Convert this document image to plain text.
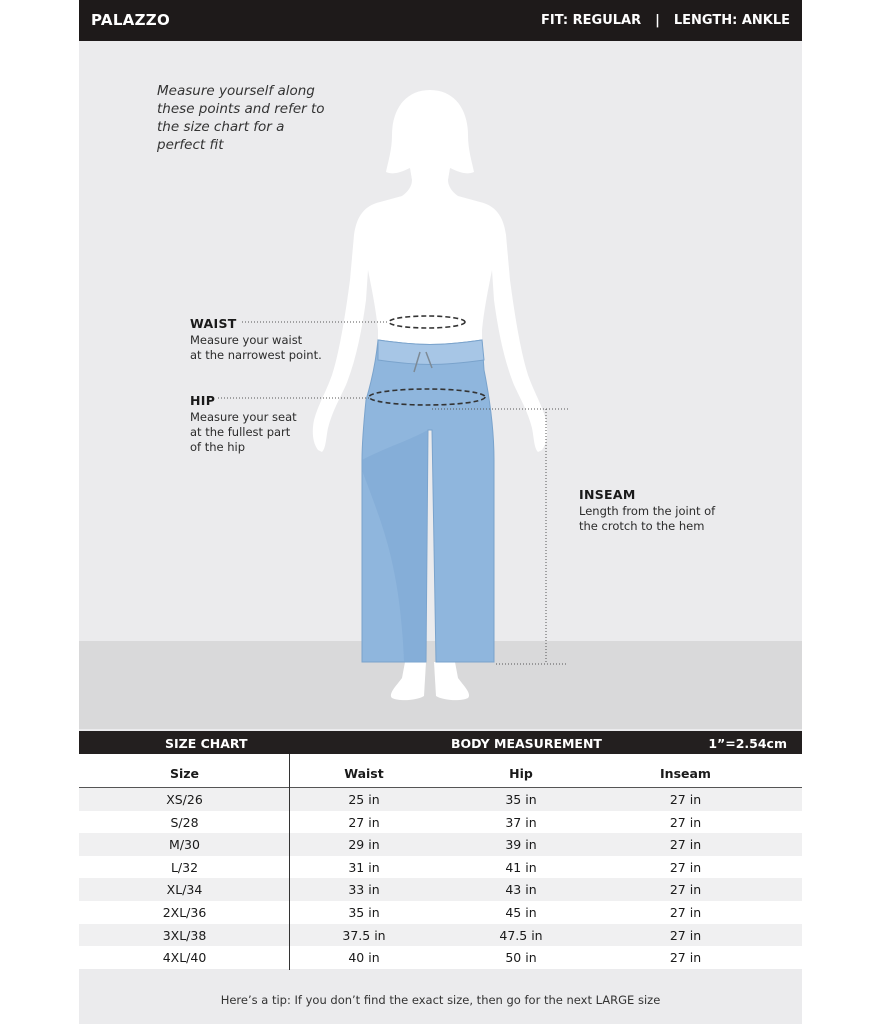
PALAZZO	FIT: REGULAR | LENGTH: ANKLE
Measure yourself along these points and refer to the size chart for a perfect fit
WAIST
Measure your waist
at the narrowest point.
HIP
Measure your seat
at the fullest part
of the hip
INSEAM
Length from the joint of
the crotch to the hem
SIZE CHART	BODY MEASUREMENT	1”=2.54cm
Size	Waist	Hip	Inseam
XS/26	25 in	35 in	27 in
S/28	27 in	37 in	27 in
M/30	29 in	39 in	27 in
L/32	31 in	41 in	27 in
XL/34	33 in	43 in	27 in
2XL/36	35 in	45 in	27 in
3XL/38	37.5 in	47.5 in	27 in
4XL/40	40 in	50 in	27 in
Here’s a tip: If you don’t find the exact size, then go for the next LARGE size
